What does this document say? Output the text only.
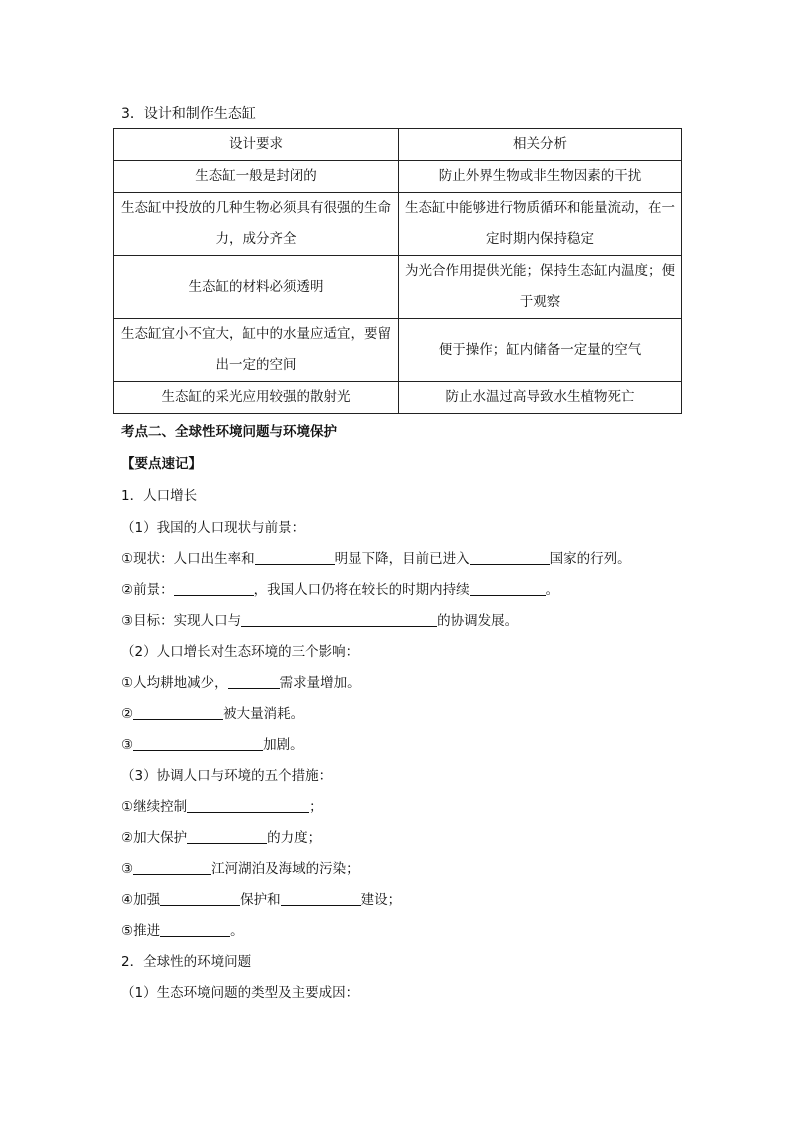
3．设计和制作生态缸
设计要求	相关分析
生态缸一般是封闭的	防止外界生物或非生物因素的干扰
生态缸中投放的几种生物必须具有很强的生命力，成分齐全	生态缸中能够进行物质循环和能量流动，在一定时期内保持稳定
生态缸的材料必须透明	为光合作用提供光能；保持生态缸内温度；便于观察
生态缸宜小不宜大，缸中的水量应适宜，要留出一定的空间	便于操作；缸内储备一定量的空气
生态缸的采光应用较强的散射光	防止水温过高导致水生植物死亡
考点二、全球性环境问题与环境保护
【要点速记】
1．人口增长
（1）我国的人口现状与前景：
①现状：人口出生率和	明显下降，目前已进入	国家的行列。
②前景：	，我国人口仍将在较长的时期内持续	。
③目标：实现人口与	的协调发展。
（2）人口增长对生态环境的三个影响：
①人均耕地减少，	需求量增加。
②	被大量消耗。
③	加剧。
（3）协调人口与环境的五个措施：
①继续控制	；
②加大保护	的力度；
③	江河湖泊及海域的污染；
④加强	保护和	建设；
⑤推进	。
2．全球性的环境问题
（1）生态环境问题的类型及主要成因：
